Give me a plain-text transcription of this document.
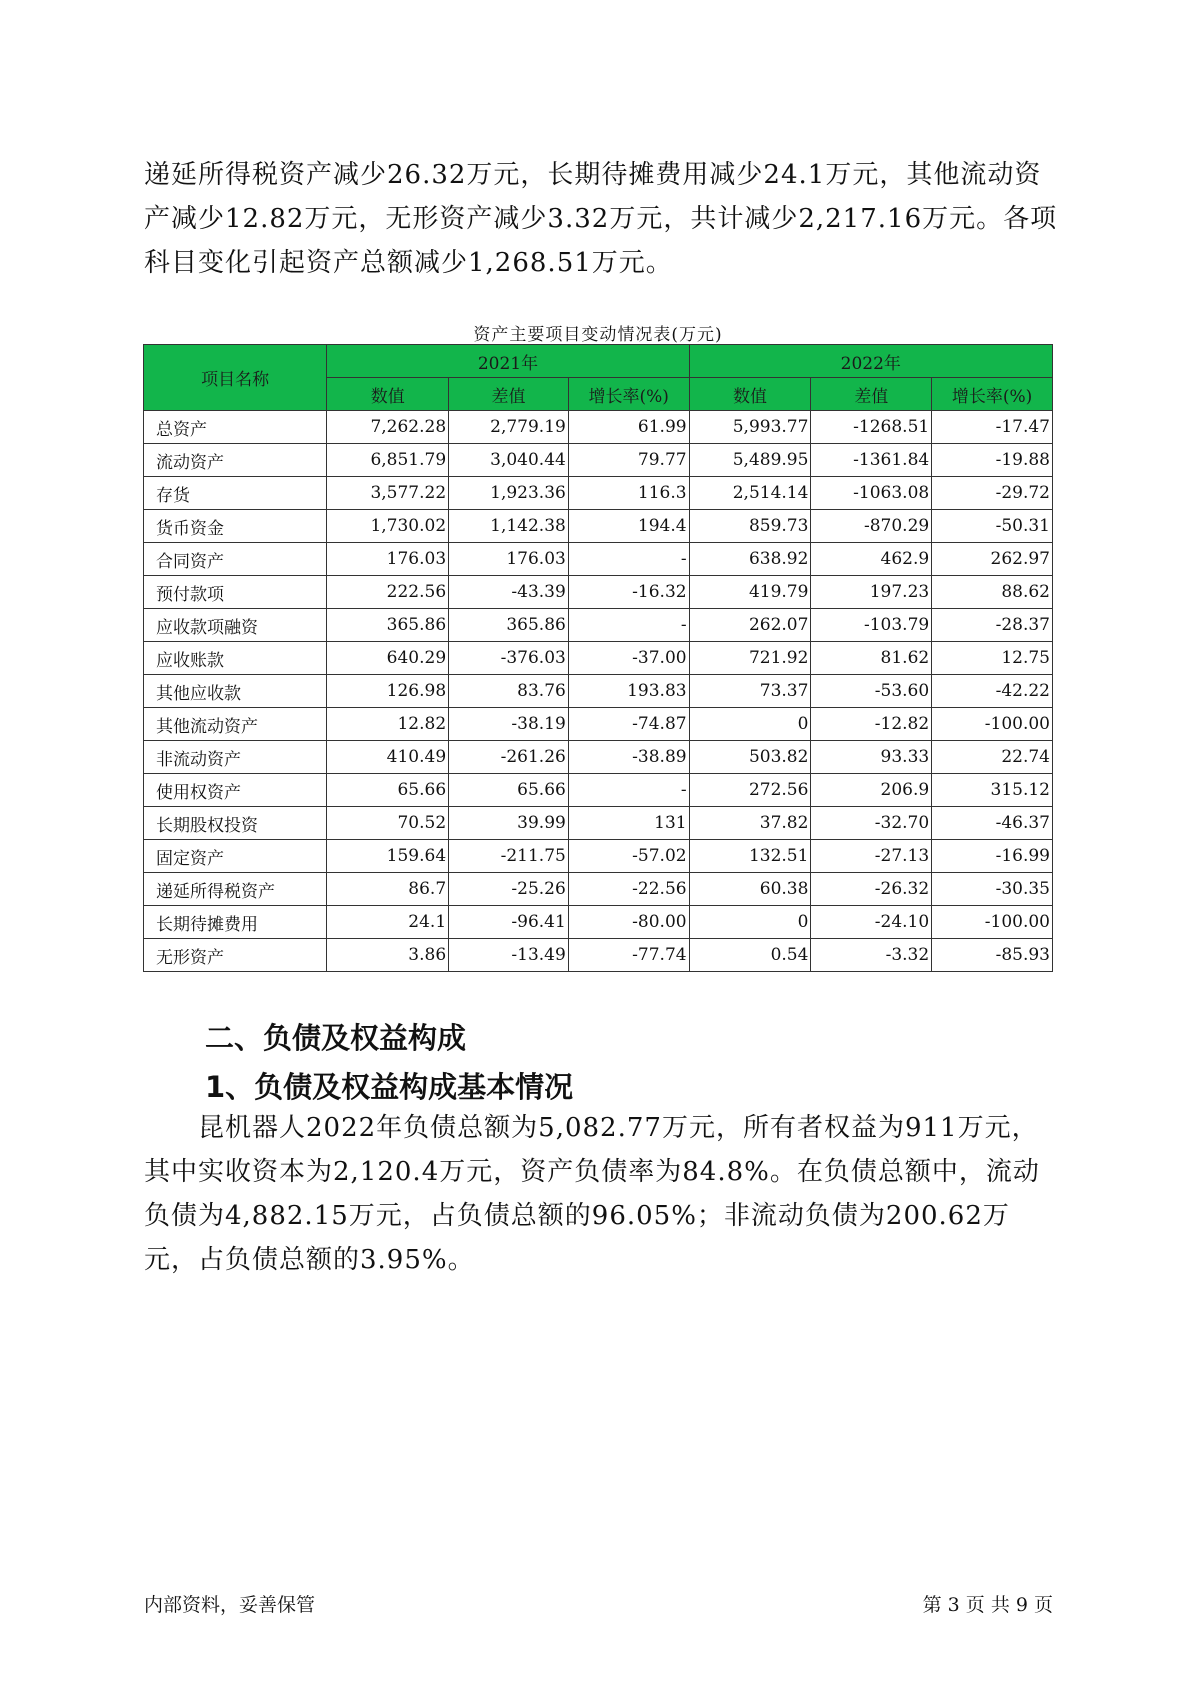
递延所得税资产减少26.32万元，长期待摊费用减少24.1万元，其他流动资产减少12.82万元，无形资产减少3.32万元，共计减少2,217.16万元。各项科目变化引起资产总额减少1,268.51万元。

资产主要项目变动情况表(万元)
项目名称	2021年			2022年		
	数值	差值	增长率(%)	数值	差值	增长率(%)
总资产	7,262.28	2,779.19	61.99	5,993.77	-1268.51	-17.47
流动资产	6,851.79	3,040.44	79.77	5,489.95	-1361.84	-19.88
存货	3,577.22	1,923.36	116.3	2,514.14	-1063.08	-29.72
货币资金	1,730.02	1,142.38	194.4	859.73	-870.29	-50.31
合同资产	176.03	176.03	-	638.92	462.9	262.97
预付款项	222.56	-43.39	-16.32	419.79	197.23	88.62
应收款项融资	365.86	365.86	-	262.07	-103.79	-28.37
应收账款	640.29	-376.03	-37.00	721.92	81.62	12.75
其他应收款	126.98	83.76	193.83	73.37	-53.60	-42.22
其他流动资产	12.82	-38.19	-74.87	0	-12.82	-100.00
非流动资产	410.49	-261.26	-38.89	503.82	93.33	22.74
使用权资产	65.66	65.66	-	272.56	206.9	315.12
长期股权投资	70.52	39.99	131	37.82	-32.70	-46.37
固定资产	159.64	-211.75	-57.02	132.51	-27.13	-16.99
递延所得税资产	86.7	-25.26	-22.56	60.38	-26.32	-30.35
长期待摊费用	24.1	-96.41	-80.00	0	-24.10	-100.00
无形资产	3.86	-13.49	-77.74	0.54	-3.32	-85.93
二、负债及权益构成
1、负债及权益构成基本情况

昆机器人2022年负债总额为5,082.77万元，所有者权益为911万元，其中实收资本为2,120.4万元，资产负债率为84.8%。在负债总额中，流动负债为4,882.15万元，占负债总额的96.05%；非流动负债为200.62万元，占负债总额的3.95%。

内部资料，妥善保管	第 3 页 共 9 页
